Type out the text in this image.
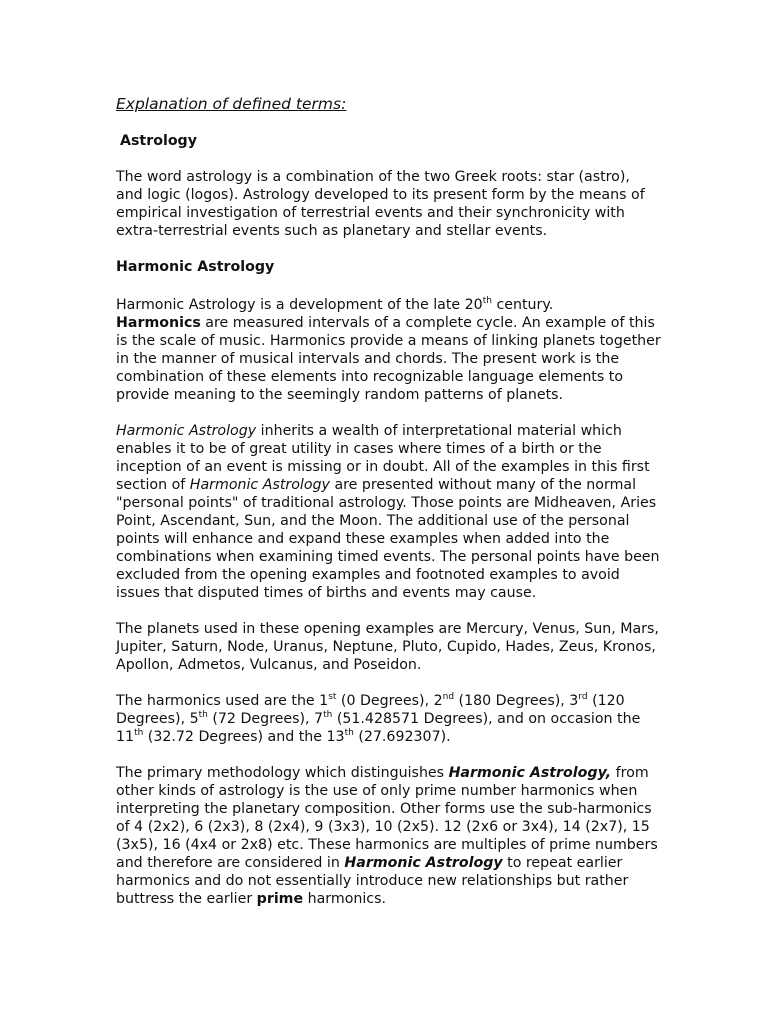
Explanation of defined terms:
Astrology

The word astrology is a combination of the two Greek roots: star (astro), and logic (logos). Astrology developed to its present form by the means of empirical investigation of terrestrial events and their synchronicity with extra-terrestrial events such as planetary and stellar events.

Harmonic Astrology

Harmonic Astrology is a development of the late 20th century.
Harmonics are measured intervals of a complete cycle. An example of this is the scale of music. Harmonics provide a means of linking planets together in the manner of musical intervals and chords. The present work is the combination of these elements into recognizable language elements to provide meaning to the seemingly random patterns of planets.

Harmonic Astrology inherits a wealth of interpretational material which enables it to be of great utility in cases where times of a birth or the inception of an event is missing or in doubt. All of the examples in this first section of Harmonic Astrology are presented without many of the normal "personal points" of traditional astrology. Those points are Midheaven, Aries Point, Ascendant, Sun, and the Moon. The additional use of the personal points will enhance and expand these examples when added into the combinations when examining timed events. The personal points have been excluded from the opening examples and footnoted examples to avoid issues that disputed times of births and events may cause.

The planets used in these opening examples are Mercury, Venus, Sun, Mars, Jupiter, Saturn, Node, Uranus, Neptune, Pluto, Cupido, Hades, Zeus, Kronos, Apollon, Admetos, Vulcanus, and Poseidon.

The harmonics used are the 1st (0 Degrees), 2nd (180 Degrees), 3rd (120 Degrees), 5th (72 Degrees), 7th (51.428571 Degrees), and on occasion the 11th (32.72 Degrees) and the 13th (27.692307).

The primary methodology which distinguishes Harmonic Astrology, from other kinds of astrology is the use of only prime number harmonics when interpreting the planetary composition. Other forms use the sub-harmonics of 4 (2x2), 6 (2x3), 8 (2x4), 9 (3x3), 10 (2x5). 12 (2x6 or 3x4), 14 (2x7), 15 (3x5), 16 (4x4 or 2x8) etc. These harmonics are multiples of prime numbers and therefore are considered in Harmonic Astrology to repeat earlier harmonics and do not essentially introduce new relationships but rather buttress the earlier prime harmonics.
